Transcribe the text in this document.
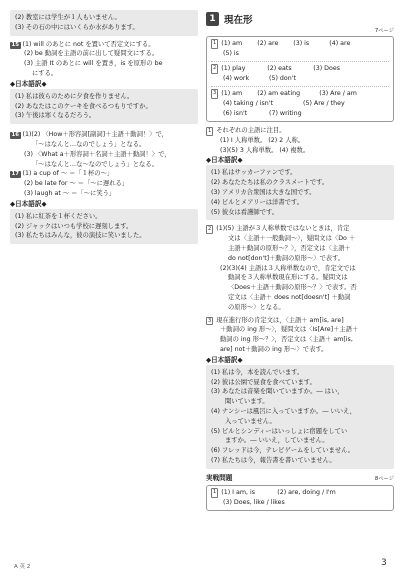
(2) 教室には学生が１人もいません。
(3) その石の中にはいくらか水があります。
15 (1) will のあとに not を置いて否定文にする。
(2) be 動詞を主語の前に出して疑問文にする。
(3) 主語 It のあとに will を置き，is を原形の be
にする。
◆日本語訳◆
(1) 私は彼らのために夕食を作りません。
(2) あなたはこのケーキを食べるつもりですか。
(3) 午後は寒くなるだろう。
16 (1)(2) 〈How＋形容詞[副詞]＋主語＋動詞！〉で，
「～はなんと…なのでしょう」となる。
(3) 〈What a＋形容詞＋名詞＋主語＋動詞！〉で，
「～はなんと…な～なのでしょう」となる。
17 (1) a cup of ～ ＝「１杯の～」
(2) be late for ～ ＝「～に遅れる」
(3) laugh at ～ ＝「～に笑う」
◆日本語訳◆
(1) 私に紅茶を１杯ください。
(2) ジャックはいつも学校に遅刻します。
(3) 私たちはみんな，彼の演技に笑いました。
1 現在形
7ページ
1 (1) am	(2) are	(3) is	(4) are
(5) is
2 (1) play	(2) eats	(3) Does
(4) work	(5) don't
3 (1) am	(2) am eating	(3) Are / am
(4) taking / isn't	(5) Are / they
(6) isn't	(7) writing
1 それぞれの主語に注目。
(1) I 人称単数。 (2) 2 人称。
(3)(5) 3 人称単数。 (4) 複数。
◆日本語訳◆
(1) 私はサッカーファンです。
(2) あなたたちは私のクラスメートです。
(3) アメリカ合衆国は大きな国です。
(4) ビルとメアリーは洋書です。
(5) 彼女は看護師です。
2 (1)(5) 主語が３人称単数ではないときは，肯定
文は〈主語＋一般動詞～〉，疑問文は〈Do ＋
主語＋動詞の原形～？〉，否定文は〈主語＋
do not[don't]＋動詞の原形～〉で表す。
(2)(3)(4) 主語は３人称単数なので，肯定文では
動詞を３人称単数現在形にする。疑問文は
〈Does＋主語＋動詞の原形～？〉で表す。否
定文は〈主語＋ does not[doesn't] ＋動詞
の原形～〉となる。
3 現在進行形の肯定文は，〈主語＋ am[is, are]
＋動詞の ing 形～〉，疑問文は〈Is[Are]＋主語＋
動詞の ing 形～？〉，否定文は〈主語＋ am[is,
are] not＋動詞の ing 形～〉で表す。
◆日本語訳◆
(1) 私は今，本を読んでいます。
(2) 彼は公園で昼食を食べています。
(3) あなたは音楽を聞いていますか。― はい，
聞いています。
(4) ナンシーは風呂に入っていますか。― いいえ，
入っていません。
(5) ビルとシンディーはいっしょに宿題をしてい
ますか。― いいえ，していません。
(6) フレッドは今，テレビゲームをしていません。
(7) 私たちは今，報告書を書いていません。
実戦問題	8ページ
1 (1) I am, is	(2) are, doing / I'm
(3) Does, like / likes
A 英 2	3
